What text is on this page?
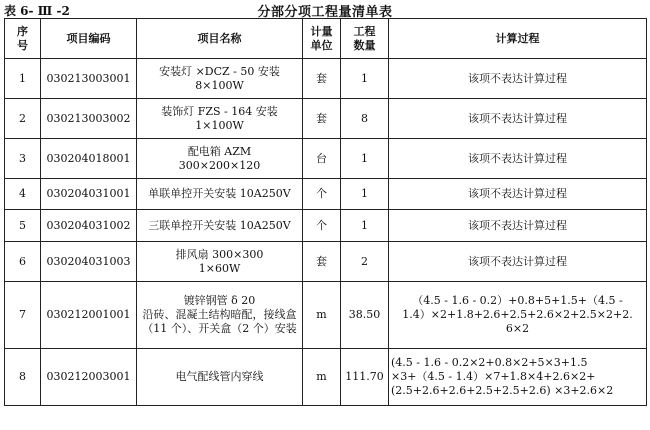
表 6- Ⅲ -2	分部分项工程量清单表
序
号	项目编码	项目名称	计量
单位	工程
数量	计算过程
1	030213003001	安装灯 ×DCZ - 50 安装
8×100W	套	1	该项不表达计算过程
2	030213003002	装饰灯 FZS - 164 安装
1×100W	套	8	该项不表达计算过程
3	030204018001	配电箱 AZM
300×200×120	台	1	该项不表达计算过程
4	030204031001	单联单控开关安装 10A250V	个	1	该项不表达计算过程
5	030204031002	三联单控开关安装 10A250V	个	1	该项不表达计算过程
6	030204031003	排风扇 300×300
1×60W	套	2	该项不表达计算过程
7	030212001001	镀锌钢管 δ 20
沿砖、混凝土结构暗配，接线盒（11 个）、开关盒（2 个）安装	m	38.50	（4.5 - 1.6 - 0.2）+0.8+5+1.5+（4.5 -
1.4）×2+1.8+2.6+2.5+2.6×2+2.5×2+2.
6×2
8	030212003001	电气配线管内穿线	m	111.70	(4.5 - 1.6 - 0.2×2+0.8×2+5×3+1.5
×3+（4.5 - 1.4）×7+1.8×4+2.6×2+
(2.5+2.6+2.6+2.5+2.5+2.6) ×3+2.6×2
